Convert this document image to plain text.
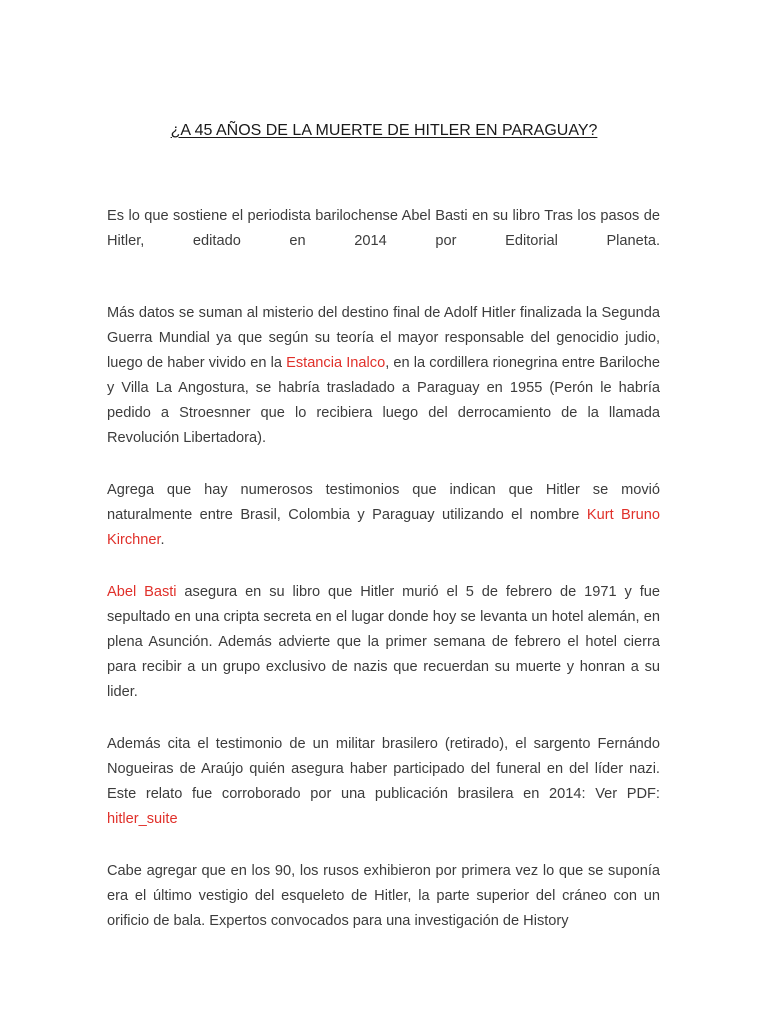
¿A 45 AÑOS DE LA MUERTE DE HITLER EN PARAGUAY?

Es lo que sostiene el periodista barilochense Abel Basti en su libro Tras los pasos de Hitler, editado en 2014 por Editorial Planeta.

Más datos se suman al misterio del destino final de Adolf Hitler finalizada la Segunda Guerra Mundial ya que según su teoría el mayor responsable del genocidio judio, luego de haber vivido en la Estancia Inalco, en la cordillera rionegrina entre Bariloche y Villa La Angostura, se habría trasladado a Paraguay en 1955 (Perón le habría pedido a Stroesnner que lo recibiera luego del derrocamiento de la llamada Revolución Libertadora).

Agrega que hay numerosos testimonios que indican que Hitler se movió naturalmente entre Brasil, Colombia y Paraguay utilizando el nombre Kurt Bruno Kirchner.

Abel Basti asegura en su libro que Hitler murió el 5 de febrero de 1971 y fue sepultado en una cripta secreta en el lugar donde hoy se levanta un hotel alemán, en plena Asunción. Además advierte que la primer semana de febrero el hotel cierra para recibir a un grupo exclusivo de nazis que recuerdan su muerte y honran a su lider.

Además cita el testimonio de un militar brasilero (retirado), el sargento Fernándo Nogueiras de Araújo quién asegura haber participado del funeral en del líder nazi. Este relato fue corroborado por una publicación brasilera en 2014: Ver PDF: hitler_suite

Cabe agregar que en los 90, los rusos exhibieron por primera vez lo que se suponía era el último vestigio del esqueleto de Hitler, la parte superior del cráneo con un orificio de bala. Expertos convocados para una investigación de History
